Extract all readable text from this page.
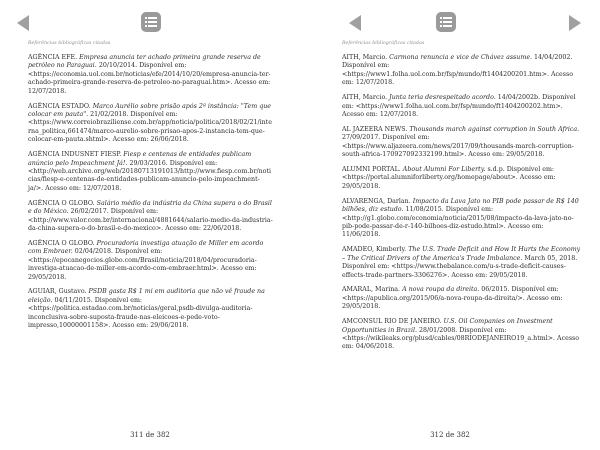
Referências bibliográficas citadas
AGÊNCIA EFE. Empresa anuncia ter achado primeira grande reserva de petróleo no Paraguai. 20/10/2014. Disponível em: <https://economia.uol.com.br/noticias/efe/2014/10/20/empresa-anuncia-ter-achado-primeira-grande-reserva-de-petroleo-no-paraguai.htm>. Acesso em: 12/07/2018.
AGÊNCIA ESTADO. Marco Aurélio sobre prisão após 2ª instância: "Tem que colocar em pauta". 21/02/2018. Disponível em: <https://www.correiobraziliense.com.br/app/noticia/politica/2018/02/21/interna_politica,661474/marco-aurelio-sobre-prisao-apos-2-instancia-tem-que-colocar-em-pauta.shtml>. Acesso em: 26/06/2018.
AGÊNCIA INDUSNET FIESP. Fiesp e centenas de entidades publicam anúncio pelo Impeachment Já!. 29/03/2016. Disponível em: <http://web.archive.org/web/20180713191013/http://www.fiesp.com.br/noticias/fiesp-e-centenas-de-entidades-publicam-anuncio-pelo-impeachment-ja/>. Acesso em: 12/07/2018.
AGÊNCIA O GLOBO. Salário médio da indústria da China supera o do Brasil e do México. 26/02/2017. Disponível em: <http://www.valor.com.br/internacional/4881644/salario-medio-da-industria-da-china-supera-o-do-brasil-e-do-mexico>. Acesso em: 22/06/2018.
AGÊNCIA O GLOBO. Procuradoria investiga atuação de Miller em acordo com Embraer. 02/04/2018. Disponível em: <https://epocanegocios.globo.com/Brasil/noticia/2018/04/procuradoria-investiga-atuacao-de-miller-em-acordo-com-embraer.html>. Acesso em: 29/05/2018.
AGUIAR, Gustavo. PSDB gasta R$ 1 mi em auditoria que não vê fraude na eleição. 04/11/2015. Disponível em: <https://politica.estadao.com.br/noticias/geral,psdb-divulga-auditoria-inconclusiva-sobre-suposta-fraude-nas-eleicoes-e-pede-voto-impresso,10000001158>. Acesso em: 29/06/2018.
311 de 382
Referências bibliográficas citadas
AITH, Marcio. Carmona renuncia e vice de Chávez assume. 14/04/2002. Disponível em: <https://www1.folha.uol.com.br/fsp/mundo/ft1404200201.htm>. Acesso em: 12/07/2018.
AITH, Marcio. Junta teria desrespeitado acordo. 14/04/2002b. Disponível em: <https://www1.folha.uol.com.br/fsp/mundo/ft1404200202.htm>. Acesso em: 12/07/2018.
AL JAZEERA NEWS. Thousands march against corruption in South Africa. 27/09/2017. Disponível em: <https://www.aljazeera.com/news/2017/09/thousands-march-corruption-south-africa-170927092332199.html>. Acesso em: 29/05/2018.
ALUMNI PORTAL. About Alumni For Liberty. s.d.p. Disponível em: <https://portal.alumniforliberty.org/homepage/about>. Acesso em: 29/05/2018.
ALVARENGA, Darlan. Impacto da Lava Jato no PIB pode passar de R$ 140 bilhões, diz estudo. 11/08/2015. Disponível em: <http://g1.globo.com/economia/noticia/2015/08/impacto-da-lava-jato-no-pib-pode-passar-de-r-140-bilhoes-diz-estudo.html>. Acesso em: 11/06/2018.
AMADEO, Kimberly. The U.S. Trade Deficit and How It Hurts the Economy – The Critical Drivers of the America's Trade Imbalance. March 05, 2018. Disponível em: <https://www.thebalance.com/u-s-trade-deficit-causes-effects-trade-partners-3306276>. Acesso em: 29/05/2018.
AMARAL, Marina. A nova roupa da direita. 06/2015. Disponível em: <https://apublica.org/2015/06/a-nova-roupa-da-direita/>. Acesso em: 29/05/2018.
AMCONSUL RIO DE JANEIRO. U.S. Oil Companies on Investment Opportunities in Brazil. 28/01/2008. Disponível em: <https://wikileaks.org/plusd/cables/08RIODEJANEIRO19_a.html>. Acesso em: 04/06/2018.
312 de 382
